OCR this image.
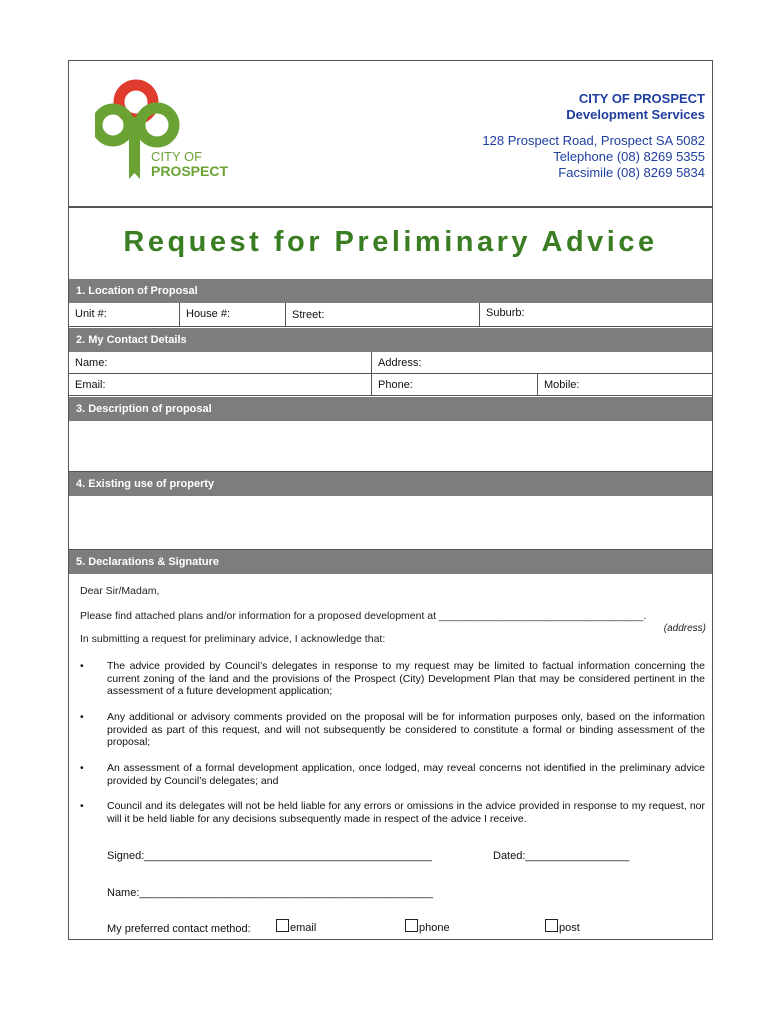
CITY OF
PROSPECT
CITY OF PROSPECT
Development Services
128 Prospect Road, Prospect SA 5082
Telephone (08) 8269 5355
Facsimile (08) 8269 5834
Request for Preliminary Advice
1. Location of Proposal
Unit #:	House #:	Street:	Suburb:
2. My Contact Details
Name:	Address:
Email:	Phone:	Mobile:
3. Description of proposal
4. Existing use of property
5. Declarations & Signature
Dear Sir/Madam,
Please find attached plans and/or information for a proposed development at ___________________________________.
(address)
In submitting a request for preliminary advice, I acknowledge that:
• The advice provided by Council’s delegates in response to my request may be limited to factual information concerning the current zoning of the land and the provisions of the Prospect (City) Development Plan that may be considered pertinent in the assessment of a future development application;
• Any additional or advisory comments provided on the proposal will be for information purposes only, based on the information provided as part of this request, and will not subsequently be considered to constitute a formal or binding assessment of the proposal;
• An assessment of a formal development application, once lodged, may reveal concerns not identified in the preliminary advice provided by Council’s delegates; and
• Council and its delegates will not be held liable for any errors or omissions in the advice provided in response to my request, nor will it be held liable for any decisions subsequently made in respect of the advice I receive.
Signed:_______________________________________________	Dated:_________________
Name:________________________________________________
My preferred contact method:	email	phone	post
